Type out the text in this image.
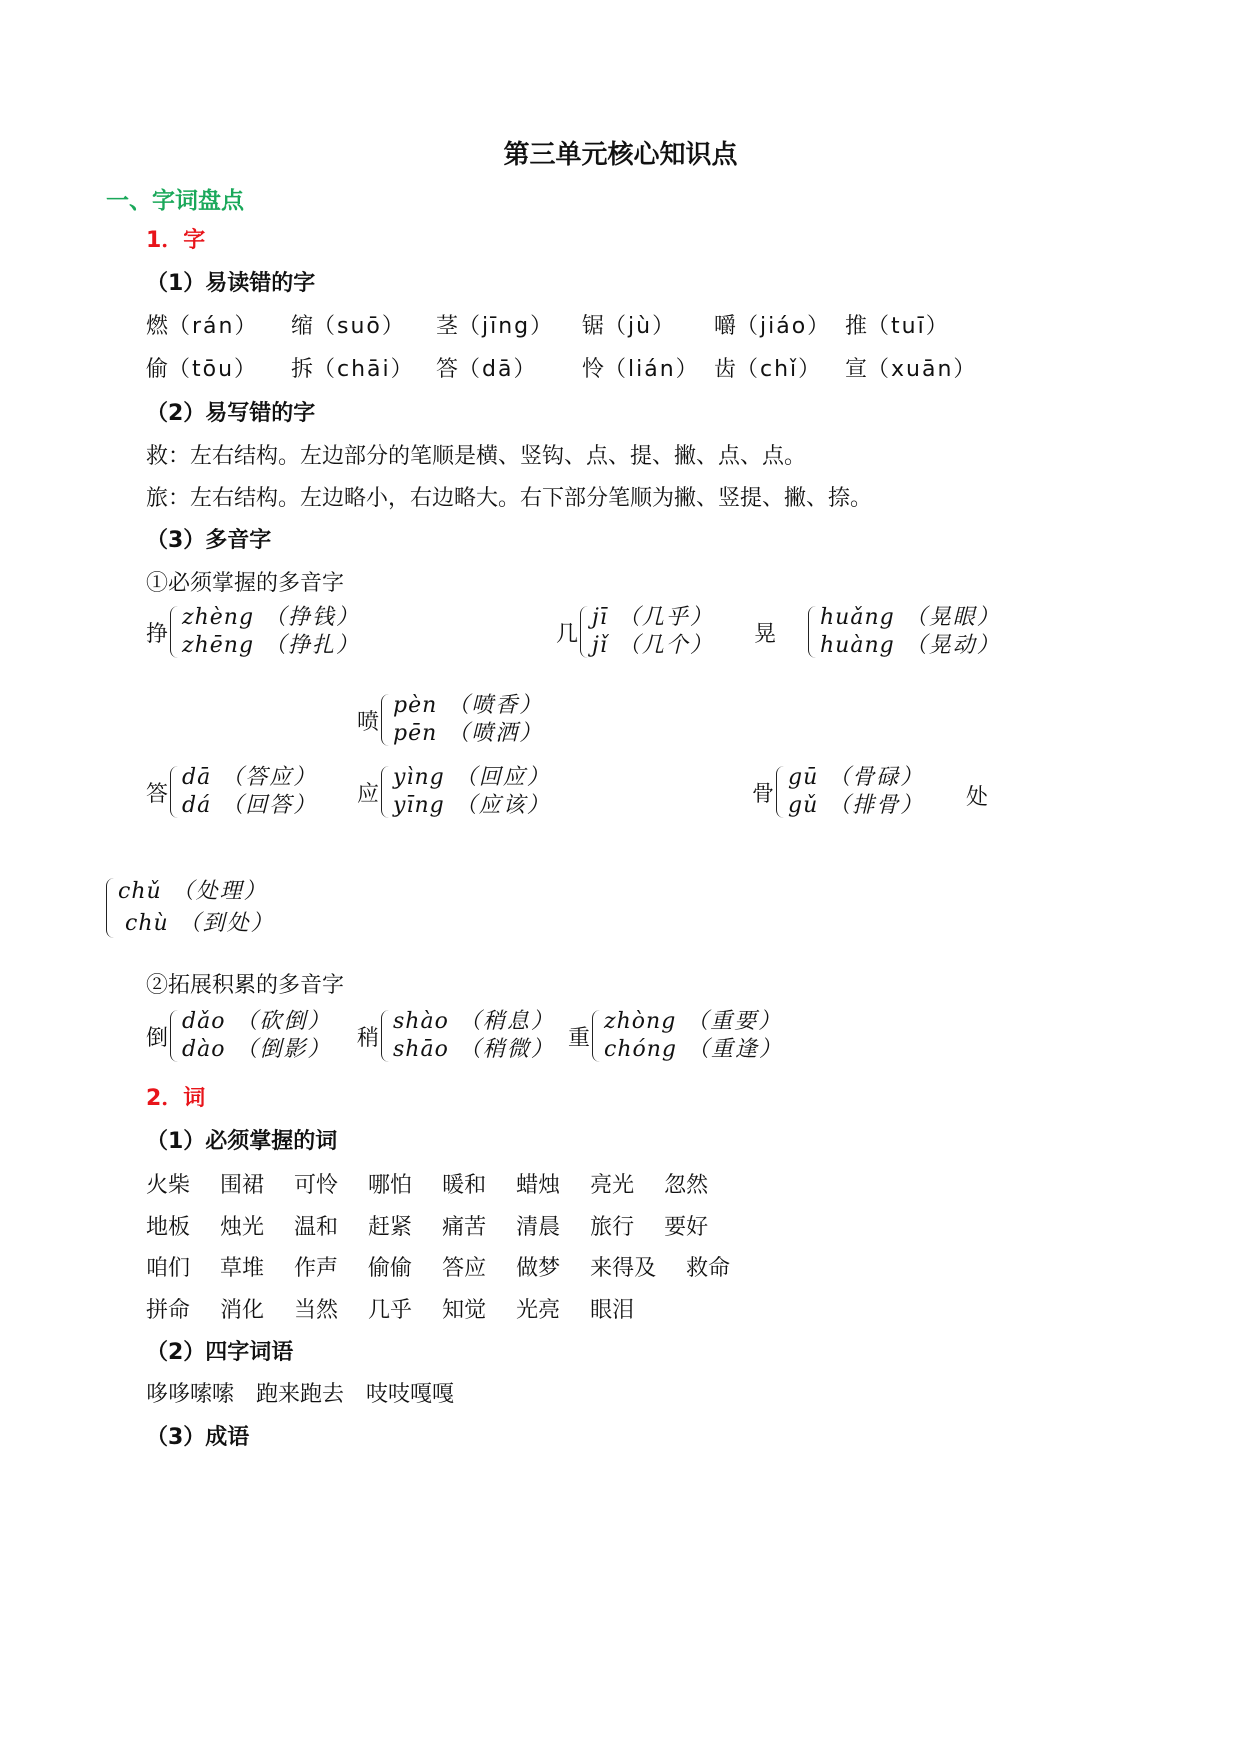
第三单元核心知识点
一、字词盘点
1．字
（1）易读错的字
燃（rán） 缩（suō） 茎（jīng） 锯（jù） 嚼（jiáo） 推（tuī）
偷（tōu） 拆（chāi） 答（dā） 怜（lián） 齿（chǐ） 宣（xuān）
（2）易写错的字
救：左右结构。左边部分的笔顺是横、竖钩、点、提、撇、点、点。
旅：左右结构。左边略小，右边略大。右下部分笔顺为撇、竖提、撇、捺。
（3）多音字
①必须掌握的多音字
挣
zhèng （挣钱）
zhēng （挣扎）	几
jī （几乎）
jǐ （几个） 晃
huǎng （晃眼）
huàng （晃动）
喷
pèn （喷香）
pēn （喷洒）
答
dā （答应）
dá （回答） 应
yìng （回应）
yīng （应该）	骨
gū （骨碌）
gǔ （排骨） 处
chǔ （处理）
chù （到处）
②拓展积累的多音字
倒
dǎo （砍倒）
dào （倒影） 稍
shào （稍息）
shāo （稍微） 重
zhòng （重要）
chóng （重逢）
2．词
（1）必须掌握的词
火柴 围裙 可怜 哪怕 暖和 蜡烛 亮光 忽然
地板 烛光 温和 赶紧 痛苦 清晨 旅行 要好
咱们 草堆 作声 偷偷 答应 做梦 来得及 救命
拼命 消化 当然 几乎 知觉 光亮 眼泪
（2）四字词语
哆哆嗦嗦 跑来跑去 吱吱嘎嘎
（3）成语
